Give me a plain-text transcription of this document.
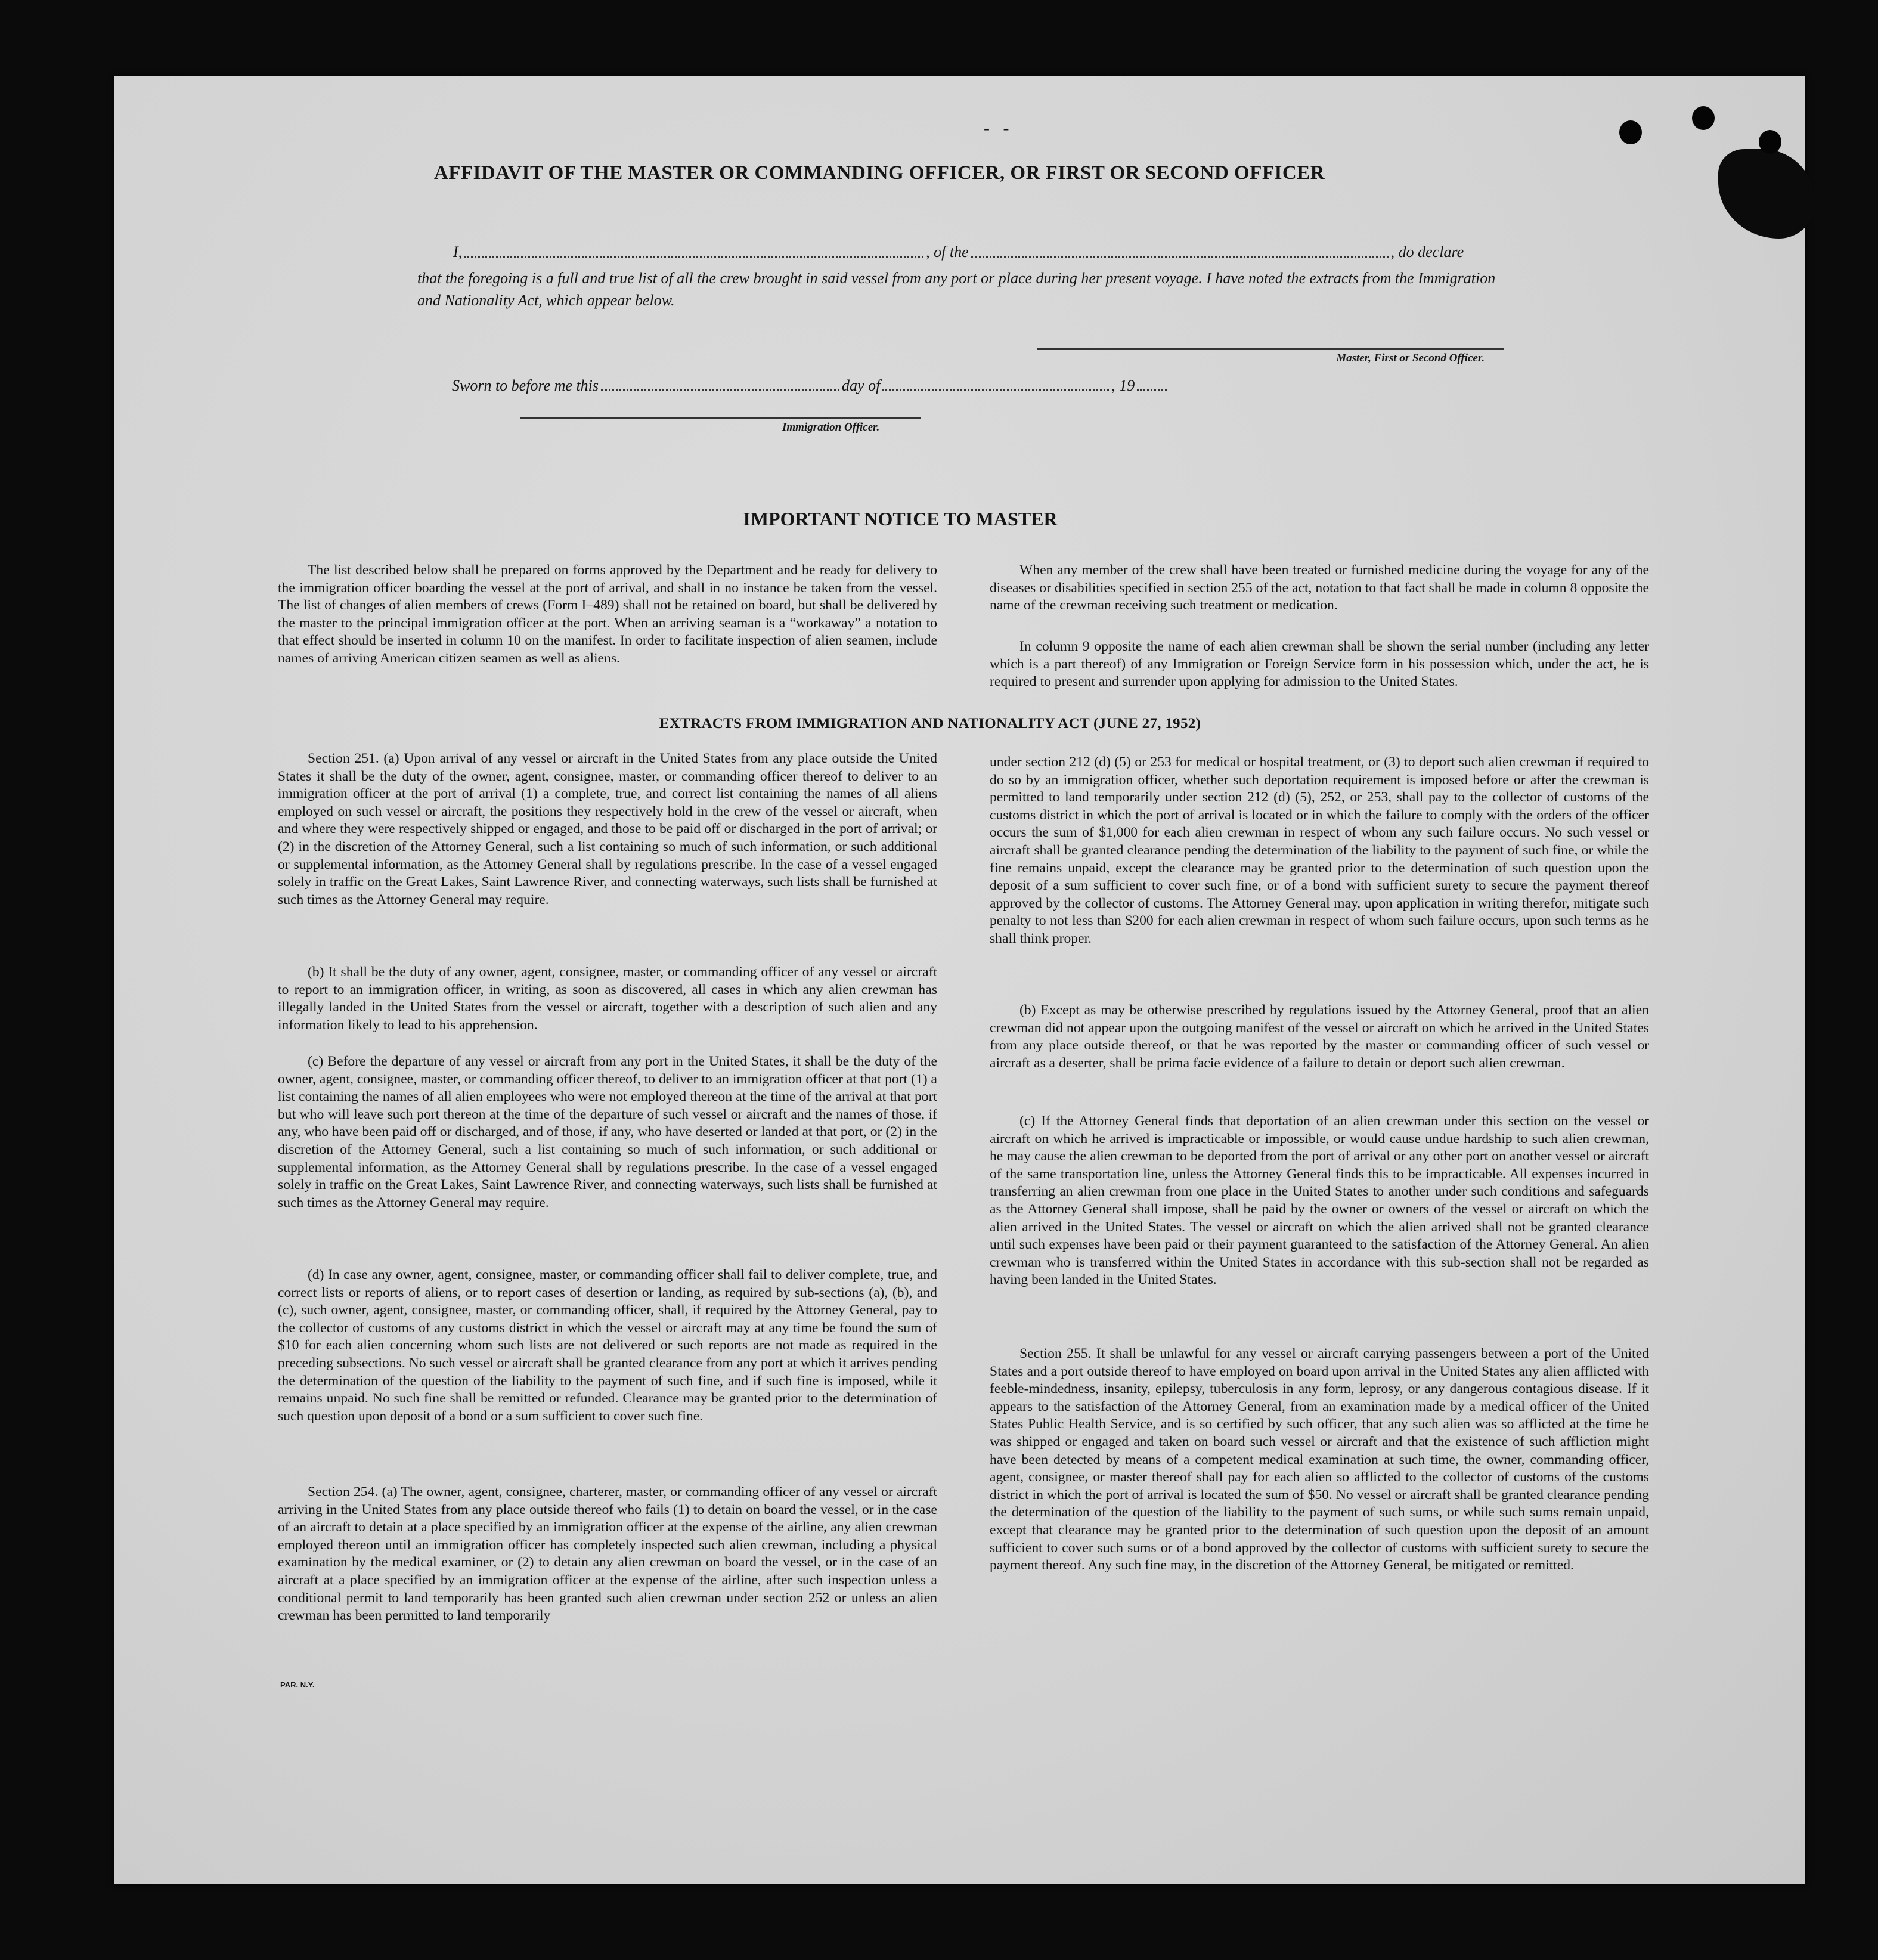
-   -
AFFIDAVIT OF THE MASTER OR COMMANDING OFFICER, OR FIRST OR SECOND OFFICER
I,	, of the	, do declare

that the foregoing is a full and true list of all the crew brought in said vessel from any port or place during her present voyage. I have noted the extracts from the Immigration and Nationality Act, which appear below.

Master, First or Second Officer.

Sworn to before me this	day of	, 19

Immigration Officer.

IMPORTANT NOTICE TO MASTER

The list described below shall be prepared on forms approved by the Department and be ready for delivery to the immigration officer boarding the vessel at the port of arrival, and shall in no instance be taken from the vessel. The list of changes of alien members of crews (Form I–489) shall not be retained on board, but shall be delivered by the master to the principal immigration officer at the port. When an arriving seaman is a “workaway” a notation to that effect should be inserted in column 10 on the manifest. In order to facilitate inspection of alien seamen, include names of arriving American citizen seamen as well as aliens.

When any member of the crew shall have been treated or furnished medicine during the voyage for any of the diseases or disabilities specified in section 255 of the act, notation to that fact shall be made in column 8 opposite the name of the crewman receiving such treatment or medication.

In column 9 opposite the name of each alien crewman shall be shown the serial number (including any letter which is a part thereof) of any Immigration or Foreign Service form in his possession which, under the act, he is required to present and surrender upon applying for admission to the United States.

EXTRACTS FROM IMMIGRATION AND NATIONALITY ACT (JUNE 27, 1952)

Section 251. (a) Upon arrival of any vessel or aircraft in the United States from any place outside the United States it shall be the duty of the owner, agent, consignee, master, or commanding officer thereof to deliver to an immigration officer at the port of arrival (1) a complete, true, and correct list containing the names of all aliens employed on such vessel or aircraft, the positions they respectively hold in the crew of the vessel or aircraft, when and where they were respectively shipped or engaged, and those to be paid off or discharged in the port of arrival; or (2) in the discretion of the Attorney General, such a list containing so much of such information, or such additional or supplemental information, as the Attorney General shall by regulations prescribe. In the case of a vessel engaged solely in traffic on the Great Lakes, Saint Lawrence River, and connecting waterways, such lists shall be furnished at such times as the Attorney General may require.

(b) It shall be the duty of any owner, agent, consignee, master, or commanding officer of any vessel or aircraft to report to an immigration officer, in writing, as soon as discovered, all cases in which any alien crewman has illegally landed in the United States from the vessel or aircraft, together with a description of such alien and any information likely to lead to his apprehension.

(c) Before the departure of any vessel or aircraft from any port in the United States, it shall be the duty of the owner, agent, consignee, master, or commanding officer thereof, to deliver to an immigration officer at that port (1) a list containing the names of all alien employees who were not employed thereon at the time of the arrival at that port but who will leave such port thereon at the time of the departure of such vessel or aircraft and the names of those, if any, who have been paid off or discharged, and of those, if any, who have deserted or landed at that port, or (2) in the discretion of the Attorney General, such a list containing so much of such information, or such additional or supplemental information, as the Attorney General shall by regulations prescribe. In the case of a vessel engaged solely in traffic on the Great Lakes, Saint Lawrence River, and connecting waterways, such lists shall be furnished at such times as the Attorney General may require.

(d) In case any owner, agent, consignee, master, or commanding officer shall fail to deliver complete, true, and correct lists or reports of aliens, or to report cases of desertion or landing, as required by sub-sections (a), (b), and (c), such owner, agent, consignee, master, or commanding officer, shall, if required by the Attorney General, pay to the collector of customs of any customs district in which the vessel or aircraft may at any time be found the sum of $10 for each alien concerning whom such lists are not delivered or such reports are not made as required in the preceding subsections. No such vessel or aircraft shall be granted clearance from any port at which it arrives pending the determination of the question of the liability to the payment of such fine, and if such fine is imposed, while it remains unpaid. No such fine shall be remitted or refunded. Clearance may be granted prior to the determination of such question upon deposit of a bond or a sum sufficient to cover such fine.

Section 254. (a) The owner, agent, consignee, charterer, master, or commanding officer of any vessel or aircraft arriving in the United States from any place outside thereof who fails (1) to detain on board the vessel, or in the case of an aircraft to detain at a place specified by an immigration officer at the expense of the airline, any alien crewman employed thereon until an immigration officer has completely inspected such alien crewman, including a physical examination by the medical examiner, or (2) to detain any alien crewman on board the vessel, or in the case of an aircraft at a place specified by an immigration officer at the expense of the airline, after such inspection unless a conditional permit to land temporarily has been granted such alien crewman under section 252 or unless an alien crewman has been permitted to land temporarily

under section 212 (d) (5) or 253 for medical or hospital treatment, or (3) to deport such alien crewman if required to do so by an immigration officer, whether such deportation requirement is imposed before or after the crewman is permitted to land temporarily under section 212 (d) (5), 252, or 253, shall pay to the collector of customs of the customs district in which the port of arrival is located or in which the failure to comply with the orders of the officer occurs the sum of $1,000 for each alien crewman in respect of whom any such failure occurs. No such vessel or aircraft shall be granted clearance pending the determination of the liability to the payment of such fine, or while the fine remains unpaid, except the clearance may be granted prior to the determination of such question upon the deposit of a sum sufficient to cover such fine, or of a bond with sufficient surety to secure the payment thereof approved by the collector of customs. The Attorney General may, upon application in writing therefor, mitigate such penalty to not less than $200 for each alien crewman in respect of whom such failure occurs, upon such terms as he shall think proper.

(b) Except as may be otherwise prescribed by regulations issued by the Attorney General, proof that an alien crewman did not appear upon the outgoing manifest of the vessel or aircraft on which he arrived in the United States from any place outside thereof, or that he was reported by the master or commanding officer of such vessel or aircraft as a deserter, shall be prima facie evidence of a failure to detain or deport such alien crewman.

(c) If the Attorney General finds that deportation of an alien crewman under this section on the vessel or aircraft on which he arrived is impracticable or impossible, or would cause undue hardship to such alien crewman, he may cause the alien crewman to be deported from the port of arrival or any other port on another vessel or aircraft of the same transportation line, unless the Attorney General finds this to be impracticable. All expenses incurred in transferring an alien crewman from one place in the United States to another under such conditions and safeguards as the Attorney General shall impose, shall be paid by the owner or owners of the vessel or aircraft on which the alien arrived in the United States. The vessel or aircraft on which the alien arrived shall not be granted clearance until such expenses have been paid or their payment guaranteed to the satisfaction of the Attorney General. An alien crewman who is transferred within the United States in accordance with this sub-section shall not be regarded as having been landed in the United States.

Section 255. It shall be unlawful for any vessel or aircraft carrying passengers between a port of the United States and a port outside thereof to have employed on board upon arrival in the United States any alien afflicted with feeble-mindedness, insanity, epilepsy, tuberculosis in any form, leprosy, or any dangerous contagious disease. If it appears to the satisfaction of the Attorney General, from an examination made by a medical officer of the United States Public Health Service, and is so certified by such officer, that any such alien was so afflicted at the time he was shipped or engaged and taken on board such vessel or aircraft and that the existence of such affliction might have been detected by means of a competent medical examination at such time, the owner, commanding officer, agent, consignee, or master thereof shall pay for each alien so afflicted to the collector of customs of the customs district in which the port of arrival is located the sum of $50. No vessel or aircraft shall be granted clearance pending the determination of the question of the liability to the payment of such sums, or while such sums remain unpaid, except that clearance may be granted prior to the determination of such question upon the deposit of an amount sufficient to cover such sums or of a bond approved by the collector of customs with sufficient surety to secure the payment thereof. Any such fine may, in the discretion of the Attorney General, be mitigated or remitted.

PAR. N.Y.
